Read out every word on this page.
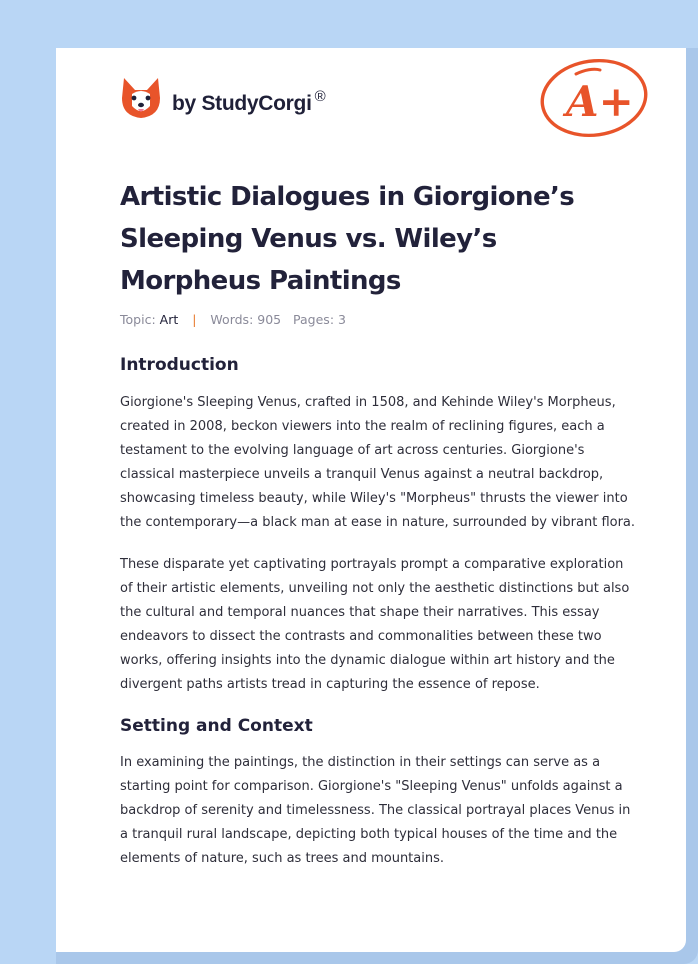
by StudyCorgi ®	A+
Artistic Dialogues in Giorgione’s Sleeping Venus vs. Wiley’s Morpheus Paintings
Topic: Art | Words: 905 Pages: 3
Introduction

Giorgione's Sleeping Venus, crafted in 1508, and Kehinde Wiley's Morpheus, created in 2008, beckon viewers into the realm of reclining figures, each a testament to the evolving language of art across centuries. Giorgione's classical masterpiece unveils a tranquil Venus against a neutral backdrop, showcasing timeless beauty, while Wiley's "Morpheus" thrusts the viewer into the contemporary—a black man at ease in nature, surrounded by vibrant flora.

These disparate yet captivating portrayals prompt a comparative exploration of their artistic elements, unveiling not only the aesthetic distinctions but also the cultural and temporal nuances that shape their narratives. This essay endeavors to dissect the contrasts and commonalities between these two works, offering insights into the dynamic dialogue within art history and the divergent paths artists tread in capturing the essence of repose.

Setting and Context

In examining the paintings, the distinction in their settings can serve as a starting point for comparison. Giorgione's "Sleeping Venus" unfolds against a backdrop of serenity and timelessness. The classical portrayal places Venus in a tranquil rural landscape, depicting both typical houses of the time and the elements of nature, such as trees and mountains.
